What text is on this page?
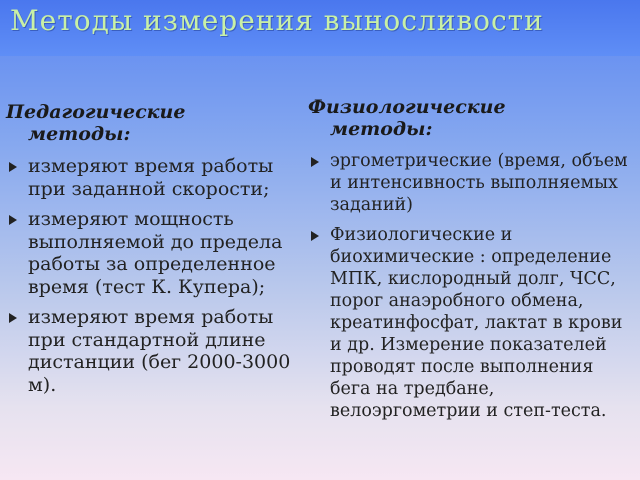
Методы измерения выносливости
Педагогические
методы:
измеряют время работы при заданной скорости;
измеряют мощность выполняемой до предела работы за определенное время (тест К. Купера);
измеряют время работы при стандартной длине дистанции (бег 2000-3000 м).
Физиологические
методы:
эргометрические (время, объем и интенсивность выполняемых заданий)
Физиологические и биохимические : определение МПК, кислородный долг, ЧСС, порог анаэробного обмена, креатинфосфат, лактат в крови и др. Измерение показателей проводят после выполнения бега на тредбане, велоэргометрии и степ-теста.
